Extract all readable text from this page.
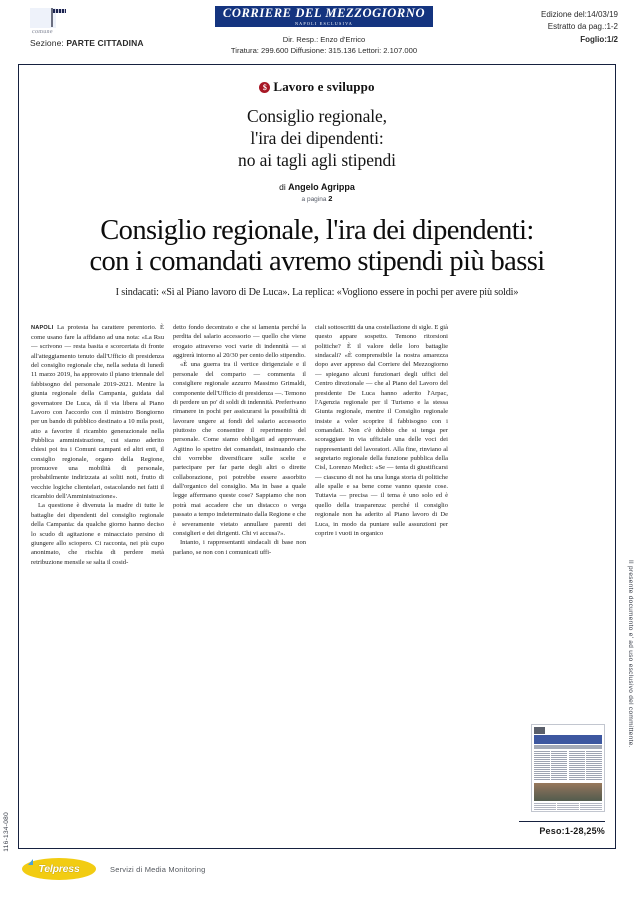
comune
Sezione: PARTE CITTADINA
CORRIERE DEL MEZZOGIORNO
NAPOLI ESCLUSIVA
Dir. Resp.: Enzo d'Errico
Tiratura: 299.600 Diffusione: 315.136 Lettori: 2.107.000
Edizione del:14/03/19
Estratto da pag.:1-2
Foglio:1/2
$ Lavoro e sviluppo
Consiglio regionale,
l'ira dei dipendenti:
no ai tagli agli stipendi
di Angelo Agrippa
a pagina 2
Consiglio regionale, l'ira dei dipendenti:
con i comandati avremo stipendi più bassi
I sindacati: «Sì al Piano lavoro di De Luca». La replica: «Vogliono essere in pochi per avere più soldi»

NAPOLI La protesta ha carattere perentorio. È come usano fare la affidano ad una nota: «La Rsu — scrivono — resta basita e scorcertata di fronte all'atteggiamento tenuto dall'Ufficio di presidenza del consiglio regionale che, nella seduta di lunedì 11 marzo 2019, ha approvato il piano triennale del fabbisogno del personale 2019-2021. Mentre la giunta regionale della Campania, guidata dal governatore De Luca, dà il via libera al Piano Lavoro con l'accordo con il ministro Bongiorno per un bando di pubblico destinato a 10 mila posti, atto a favorire il ricambio generazionale nella Pubblica amministrazione, cui siamo aderito chiesi poi tra i Comuni campani ed altri enti, il consiglio regionale, organo della Regione, promuove una mobilità di personale, probabilmente indirizzata ai soliti noti, frutto di vecchie logiche clientelari, ostacolando nei fatti il ricambio dell'Amministrazione».

La questione è divenuta la madre di tutte le battaglie dei dipendenti del consiglio regionale della Campania: da qualche giorno hanno deciso lo scudo di agitazione e minacciato persino di giungere allo sciopero. Ci racconta, nei più cupo anonimato, che rischia di perdere metà retribuzione mensile se salta il cosid-

detto fondo decentrato e che si lamenta perché la perdita del salario accessorio — quello che viene erogato attraverso voci varie di indennità — si aggirerà intorno al 20/30 per cento dello stipendio.

«È una guerra tra il vertice dirigenziale e il personale del comparto — commenta il consigliere regionale azzurro Massimo Grimaldi, componente dell'Ufficio di presidenza —. Temono di perdere un po' di soldi di indennità. Preferivano rimanere in pochi per assicurarsi la possibilità di lavorare ungere ai fondi del salario accessorio piuttosto che consentire il reperimento del personale. Come siamo obbligati ad approvare. Agitino lo spettro dei comandati, insinuando che chi vorrebbe diversificare sulle scelte e partecipare per far parte degli altri o dirette collaborazione, poi potrebbe essere assorbito dall'organico del consiglio. Ma in base a quale legge affermano queste cose? Sappiamo che non potrà mai accadere che un distacco o verga passato a tempo indeterminato dalla Regione e che è severamente vietato annullare parenti dei consiglieri e dei dirigenti. Chi vi accusa?».

Intanto, i rappresentanti sindacali di base non parlano, se non con i comunicati uffi-

ciali sottoscritti da una costellazione di sigle. E già questo appare sospetto. Temono ritorsioni politiche? È il valore delle loro battaglie sindacali? «È comprensibile la nostra amarezza dopo aver appreso dal Corriere del Mezzogiorno — spiegano alcuni funzionari degli uffici del Centro direzionale — che al Piano del Lavoro del presidente De Luca hanno aderito l'Arpac, l'Agenzia regionale per il Turismo e la stessa Giunta regionale, mentre il Consiglio regionale insiste a voler scoprire il fabbisogno con i comandati. Non c'è dubbio che si tenga per scoraggiare in via ufficiale una delle voci dei rappresentanti del lavoratori. Alla fine, rinviano al segretario regionale della funzione pubblica della Cisl, Lorenzo Medici: «Se — tenta di giustificarsi — ciascuno di noi ha una lunga storia di politiche alle spalle e sa bene come vanno queste cose. Tuttavia — precisa — il tema è uno solo ed è quello della trasparenza: perché il consiglio regionale non ha aderito al Piano lavoro di De Luca, in modo da puntare sulle assunzioni per coprire i vuoti in organico

Peso:1-28,25%
Il presente documento e' ad uso esclusivo del committente.
116-134-080
Telpress	Servizi di Media Monitoring
